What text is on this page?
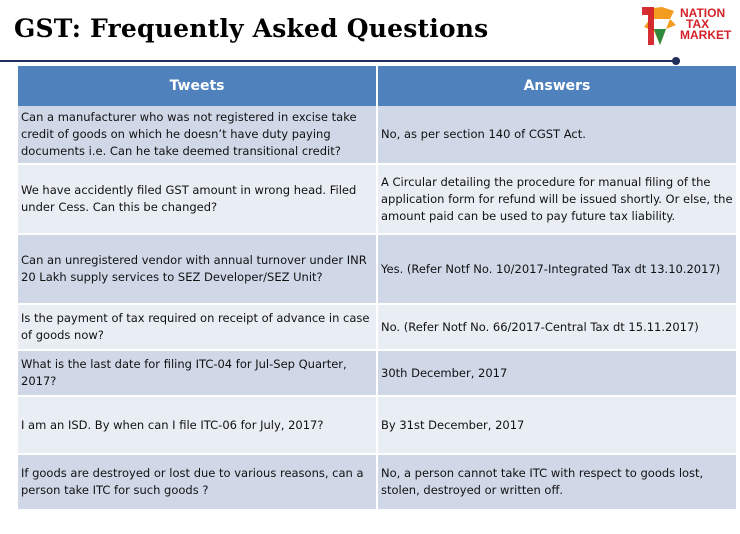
GST: Frequently Asked Questions
NATION
TAX
MARKET
Tweets	Answers
Can a manufacturer who was not registered in excise take credit of goods on which he doesn’t have duty paying documents i.e. Can he take deemed transitional credit?	No, as per section 140 of CGST Act.
We have accidently filed GST amount in wrong head. Filed under Cess. Can this be changed?	A Circular detailing the procedure for manual filing of the application form for refund will be issued shortly. Or else, the amount paid can be used to pay future tax liability.
Can an unregistered vendor with annual turnover under INR 20 Lakh supply services to SEZ Developer/SEZ Unit?	Yes. (Refer Notf No. 10/2017-Integrated Tax dt 13.10.2017)
Is the payment of tax required on receipt of advance in case of goods now?	No. (Refer Notf No. 66/2017-Central Tax dt 15.11.2017)
What is the last date for filing ITC-04 for Jul-Sep Quarter, 2017?	30th December, 2017
I am an ISD. By when can I file ITC-06 for July, 2017?	By 31st December, 2017
If goods are destroyed or lost due to various reasons, can a person take ITC for such goods ?	No, a person cannot take ITC with respect to goods lost, stolen, destroyed or written off.
